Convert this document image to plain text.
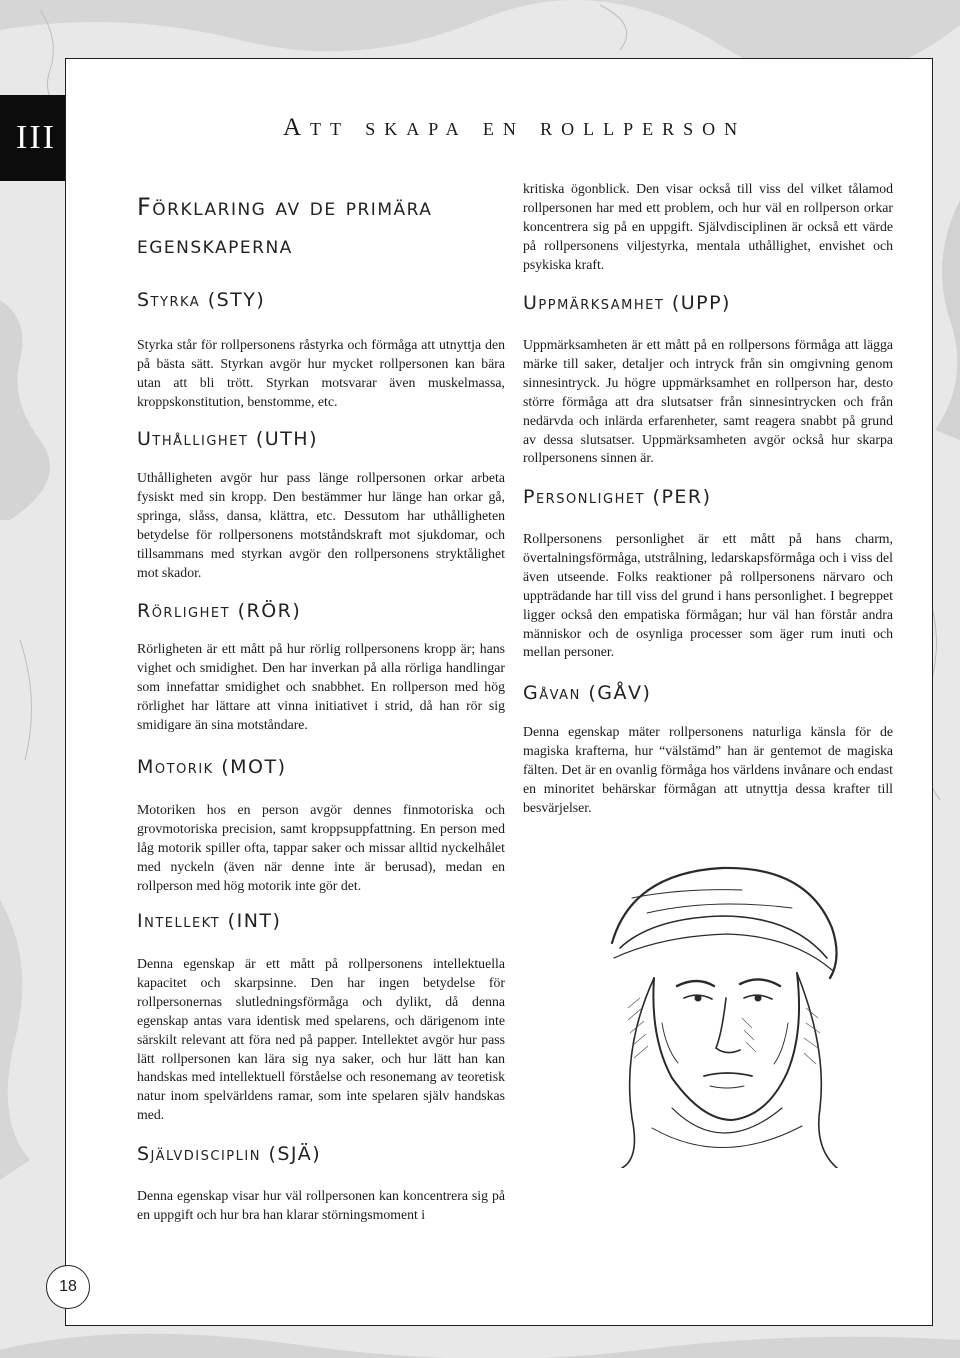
III	Att skapa en rollperson
Förklaring av de primära egenskaperna
Styrka (STY)

Styrka står för rollpersonens råstyrka och förmåga att utnyttja den på bästa sätt. Styrkan avgör hur mycket rollpersonen kan bära utan att bli trött. Styrkan motsvarar även muskelmassa, kroppskonstitution, benstomme, etc.

Uthållighet (UTH)

Uthålligheten avgör hur pass länge rollpersonen orkar arbeta fysiskt med sin kropp. Den bestämmer hur länge han orkar gå, springa, slåss, dansa, klättra, etc. Dessutom har uthålligheten betydelse för rollpersonens motståndskraft mot sjukdomar, och tillsammans med styrkan avgör den rollpersonens stryktålighet mot skador.

Rörlighet (RÖR)

Rörligheten är ett mått på hur rörlig rollpersonens kropp är; hans vighet och smidighet. Den har inverkan på alla rörliga handlingar som innefattar smidighet och snabbhet. En rollperson med hög rörlighet har lättare att vinna initiativet i strid, då han rör sig smidigare än sina motståndare.

Motorik (MOT)

Motoriken hos en person avgör dennes finmotoriska och grovmotoriska precision, samt kroppsuppfattning. En person med låg motorik spiller ofta, tappar saker och missar alltid nyckelhålet med nyckeln (även när denne inte är berusad), medan en rollperson med hög motorik inte gör det.

Intellekt (INT)

Denna egenskap är ett mått på rollpersonens intellektuella kapacitet och skarpsinne. Den har ingen betydelse för rollpersonernas slutledningsförmåga och dylikt, då denna egenskap antas vara identisk med spelarens, och därigenom inte särskilt relevant att föra ned på papper. Intellektet avgör hur pass lätt rollpersonen kan lära sig nya saker, och hur lätt han kan handskas med intellektuell förståelse och resonemang av teoretisk natur inom spelvärldens ramar, som inte spelaren själv handskas med.

Självdisciplin (SJÄ)

Denna egenskap visar hur väl rollpersonen kan koncentrera sig på en uppgift och hur bra han klarar störningsmoment i

kritiska ögonblick. Den visar också till viss del vilket tålamod rollpersonen har med ett problem, och hur väl en rollperson orkar koncentrera sig på en uppgift. Självdisciplinen är också ett värde på rollpersonens viljestyrka, mentala uthållighet, envishet och psykiska kraft.

Uppmärksamhet (UPP)

Uppmärksamheten är ett mått på en rollpersons förmåga att lägga märke till saker, detaljer och intryck från sin omgivning genom sinnesintryck. Ju högre uppmärksamhet en rollperson har, desto större förmåga att dra slutsatser från sinnesintrycken och från nedärvda och inlärda erfarenheter, samt reagera snabbt på grund av dessa slutsatser. Uppmärksamheten avgör också hur skarpa rollpersonens sinnen är.

Personlighet (PER)

Rollpersonens personlighet är ett mått på hans charm, övertalningsförmåga, utstrålning, ledarskapsförmåga och i viss del även utseende. Folks reaktioner på rollpersonens närvaro och uppträdande har till viss del grund i hans personlighet. I begreppet ligger också den empatiska förmågan; hur väl han förstår andra människor och de osynliga processer som äger rum inuti och mellan personer.

Gåvan (GÅV)

Denna egenskap mäter rollpersonens naturliga känsla för de magiska krafterna, hur “välstämd” han är gentemot de magiska fälten. Det är en ovanlig förmåga hos världens invånare och endast en minoritet behärskar förmågan att utnyttja dessa krafter till besvärjelser.

18
